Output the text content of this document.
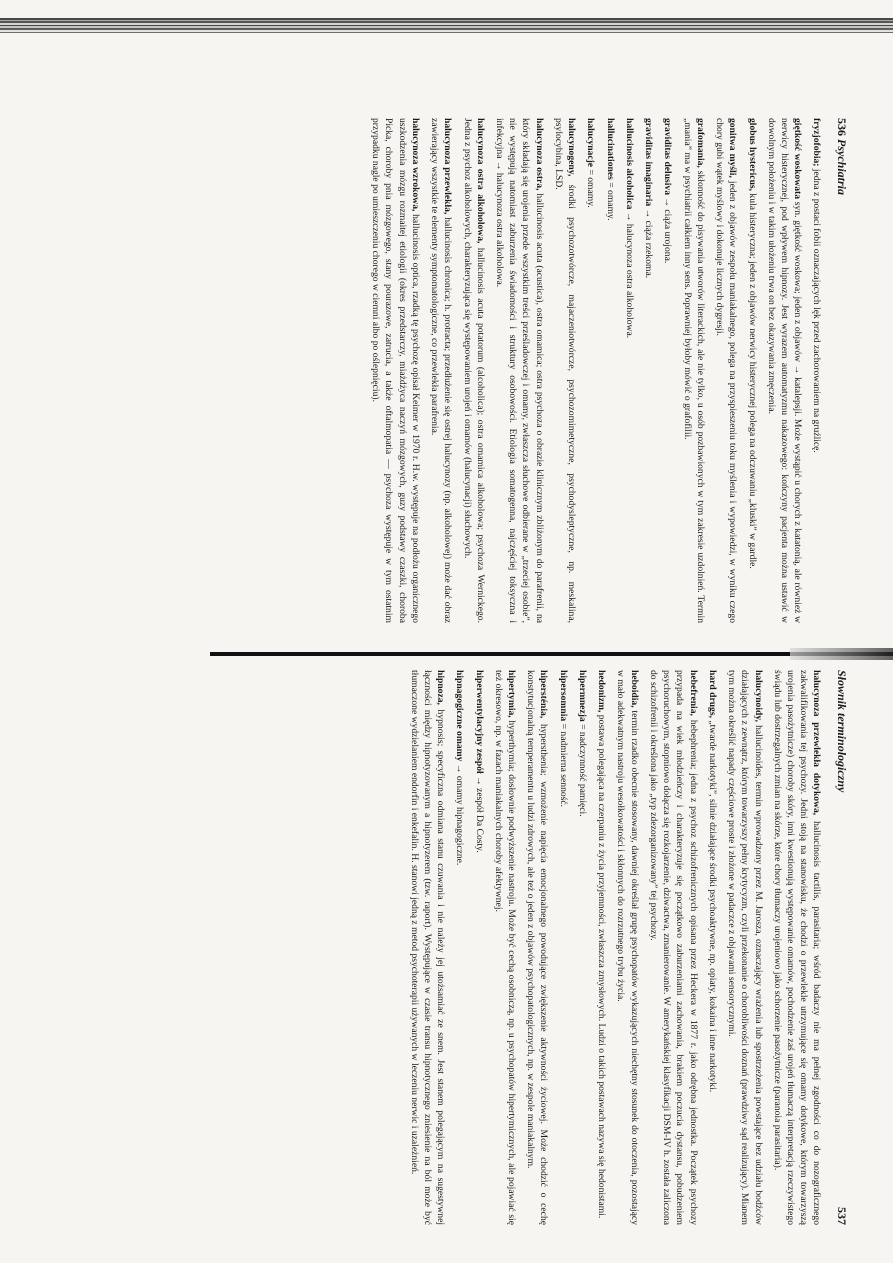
536 Psychiatria

fryzjofobia; jedna z postaci fobii oznaczających lęk przed zachorowaniem na gruźlicę.

giętkość woskowata syn. giętkość woskowa; jeden z objawów → katalepsji. Może wystąpić u chorych z katatonią, ale również w nerwicy histerycznej, pod wpływem hipnozy. Jest wyrazem automatyzmu nakazowego: kończyny pacjenta można ustawić w dowolnym położeniu i w takim ułożeniu trwa on bez okazywania zmęczenia.

globus hystericus, kula histeryczna; jeden z objawów nerwicy histerycznej polega na odczuwaniu „kluski” w gardle.

gonitwa myśli, jeden z objawów zespołu maniakalnego, polega na przyspieszeniu toku myślenia i wypowiedzi, w wyniku czego chory gubi wątek myślowy i dokonuje licznych dygresji.

grafomania, skłonność do pisywania utworów literackich, ale nie tylko, u osób pozbawionych w tym zakresie uzdolnień. Termin „mania” ma w psychiatrii całkiem inny sens. Poprawniej byłoby mówić o grafofilii.

graviditas delusiva → ciąża urojona.

graviditas imaginaria → ciąża rzekoma.

hallucinosis alcoholica → halucynoza ostra alkoholowa.

hallucinationes = omamy.

halucynacje = omamy.

halucynogeny, środki psychozotwórcze, majaczeniotwórcze, psychozomimetyczne, psychodysleptyczne, np. meskalina, psylocybina, LSD.

halucynoza ostra, hallucinosis acuta (acustica), ostra omamica; ostra psychoza o obrazie klinicznym zbliżonym do parafrenii, na który składają się urojenia przede wszystkim treści prześladowczej i omamy, zwłaszcza słuchowe odbierane w „trzeciej osobie”, nie występują natomiast zaburzenia świadomości i struktury osobowości. Etiologia somatogenna, najczęściej toksyczna i infekcyjna → halucynoza ostra alkoholowa.

halucynoza ostra alkoholowa, hallucinosis acuta potatorum (alcoholica); ostra omamica alkoholowa; psychoza Wernickego. Jedna z psychoz alkoholowych, charakteryzująca się występowaniem urojeń i omamów (halucynacji) słuchowych.

halucynoza przewlekła, hallucinosis chronica; h. protracta; przedłużenie się ostrej halucynozy (np. alkoholowej) może dać obraz zawierający wszystkie te elementy symptomatologiczne, co przewlekła parafrenia.

halucynoza wzrokowa, hallucinosis optica, rzadką tę psychozę opisał Keimer w 1970 r. H.w. występuje na podłożu organicznego uszkodzenia mózgu rozmaitej etiologii (okres przedstarczy, miażdżyca naczyń mózgowych, guzy podstawy czaszki, choroba Picka, choroby pnia mózgowego, stany pourazowe, zatrucia, a także oftalmopatia — psychoza występuje w tym ostatnim przypadku nagle po umieszczeniu chorego w ciemni albo po oślepnięciu).

Słownik terminologiczny
537

halucynoza przewlekła dotykowa, hallucinosis tactilis, parasitaria; wśród badaczy nie ma pełnej zgodności co do nozograficznego zakwalifikowania tej psychozy. Jedni stoją na stanowisku, że chodzi o przewlekle utrzymujące się omamy dotykowe, którym towarzyszą urojenia pasożytnicze) choroby skóry, inni kwestionują występowanie omamów, pochodzenie zaś urojeń tłumaczą interpretacją rzeczywistego świądu lub dostrzegalnych zmian na skórze, które chory tłumaczy urojeniowo jako schorzenie pasożytnicze (paranoia parasitaria).

halucynoidy, hallucinoides, termin wprowadzony przez M. Jarosza, oznaczający wrażenia lub spostrzeżenia powstające bez udziału bodźców działających z zewnątrz, którym towarzyszy pełny krytycyzm, czyli przekonanie o chorobliwości doznań (prawdziwy sąd realizujący). Mianem tym można określić napady częściowe proste i złożone w padaczce z objawami sensorycznymi.

hard drugs, „twarde narkotyki”, silnie działające środki psychoaktywne, np. opiaty, kokaina i inne narkotyki.

hebefrenia, hebephrenia; jedna z psychoz schizofrenicznych opisana przez Heckera w 1877 r. jako odrębna jednostka. Początek psychozy przypada na wiek młodzieńczy i charakteryzuje się początkowo zaburzeniami zachowania, brakiem poczucia dystansu, pobudzeniem psychoruchowym, stopniowo dołącza się rozkojarzenie, dziwactwa, zmanierowanie. W amerykańskiej klasyfikacji DSM-IV h. została zaliczona do schizofrenii i określona jako „typ zdezorganizowany” tej psychozy.

heboidia, termin rzadko obecnie stosowany, dawniej określał grupę psychopatów wykazujących niechętny stosunek do otoczenia, pozostający w mało adekwatnym nastroju wesołkowatości i skłonnych do rozrzutnego trybu życia.

hedonizm, postawa polegająca na czerpaniu z życia przyjemności, zwłaszcza zmysłowych. Ludzi o takich postawach nazywa się hedonistami.

hipermnezja = nadczynność pamięci.

hipersomnia = nadmierna senność.

hipersténia, hypersthenia; wzmożenie napięcia emocjonalnego powodujące zwiększenie aktywności życiowej. Może chodzić o cechę konstytucjonalną temperamentu u ludzi zdrowych, ale też o jeden z objawów psychopatologicznych, np. w zespole maniakalnym.

hipertymia, hyperthymia; dosłownie podwyższenie nastroju. Może być cechą osobniczą, np. u psychopatów hipertymicznych, ale pojawiać się też okresowo, np. w fazach maniakalnych choroby afektywnej.

hiperwentylacyjny zespół → zespół Da Costy.

hipnagogiczne omamy → omamy hipnagogiczne.

hipnoza, hypnosis; specyficzna odmiana stanu czuwania i nie należy jej utożsamiać ze snem. Jest stanem polegającym na sugestywnej łączności między hipnotyzowanym a hipnotyzerem (tzw. raport). Występujące w czasie transu hipnotycznego zniesienie na ból może być tłumaczone wydzielaniem endorfin i enkefalin. H. stanowi jedną z metod psychoterapii używanych w leczeniu nerwic i uzależnień.
